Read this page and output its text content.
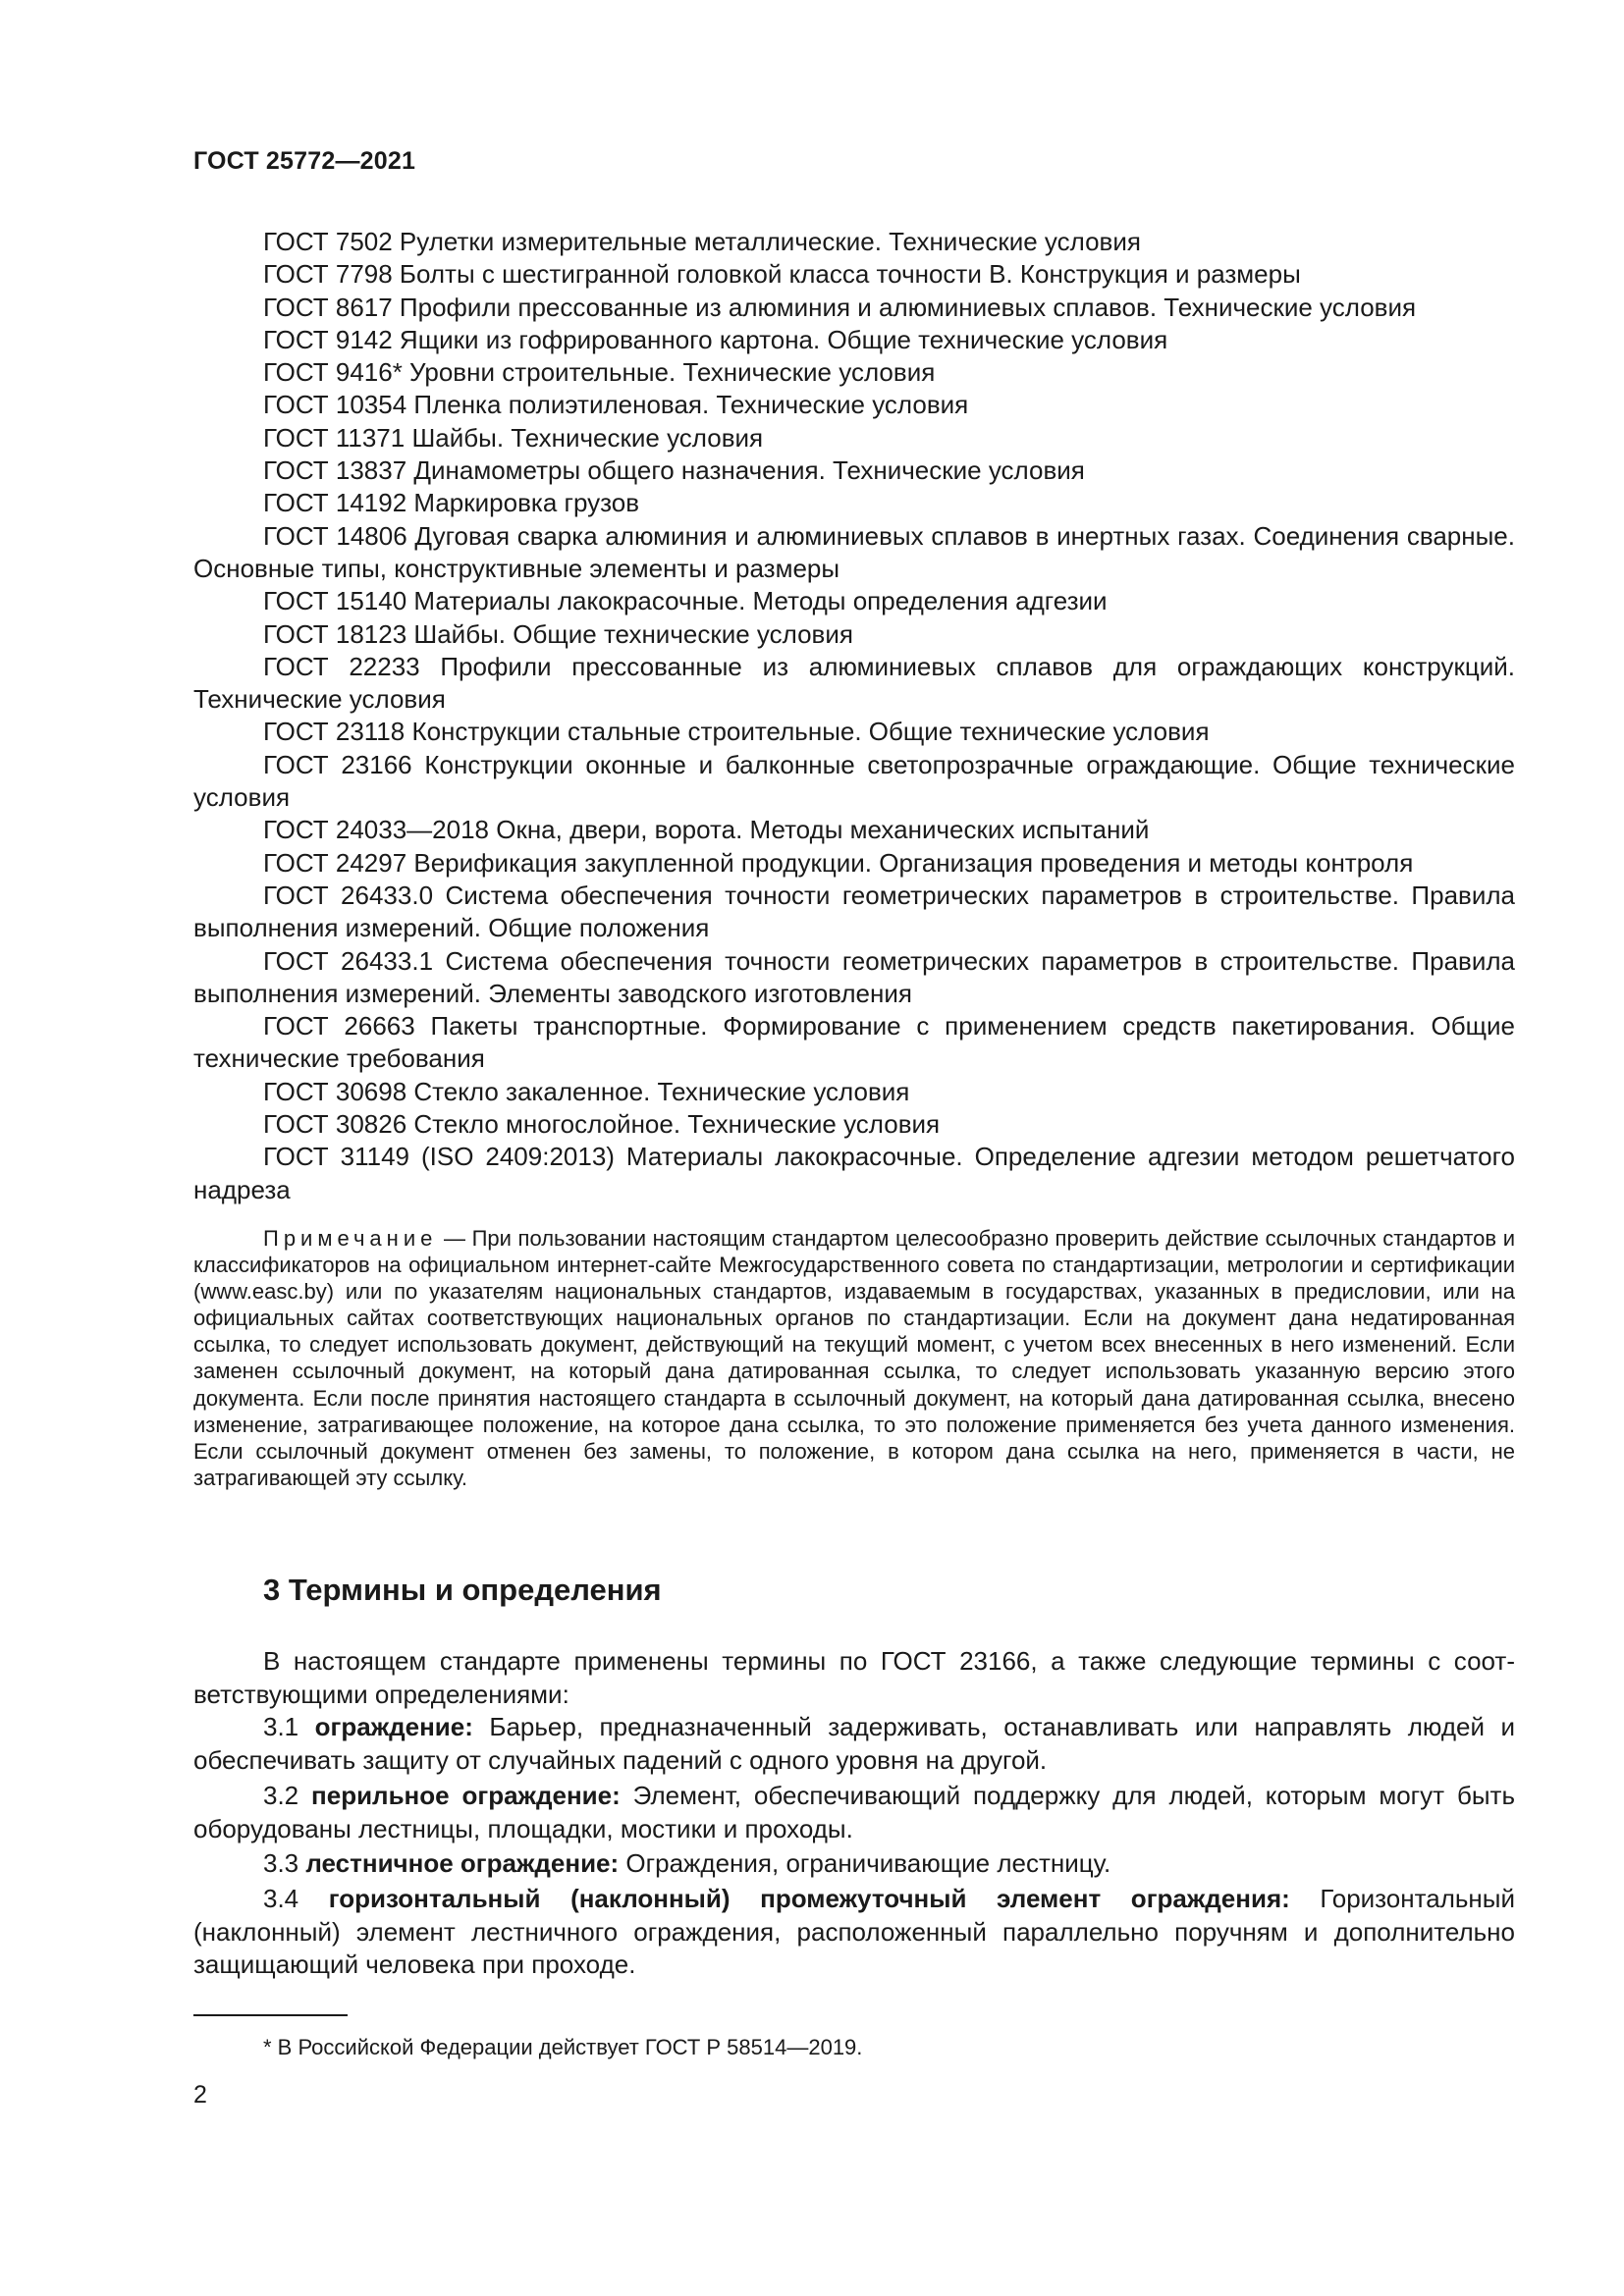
ГОСТ 25772—2021

ГОСТ 7502 Рулетки измерительные металлические. Технические условия

ГОСТ 7798 Болты с шестигранной головкой класса точности В. Конструкция и размеры

ГОСТ 8617 Профили прессованные из алюминия и алюминиевых сплавов. Технические условия

ГОСТ 9142 Ящики из гофрированного картона. Общие технические условия

ГОСТ 9416* Уровни строительные. Технические условия

ГОСТ 10354 Пленка полиэтиленовая. Технические условия

ГОСТ 11371 Шайбы. Технические условия

ГОСТ 13837 Динамометры общего назначения. Технические условия

ГОСТ 14192 Маркировка грузов

ГОСТ 14806 Дуговая сварка алюминия и алюминиевых сплавов в инертных газах. Соединения сварные. Основные типы, конструктивные элементы и размеры

ГОСТ 15140 Материалы лакокрасочные. Методы определения адгезии

ГОСТ 18123 Шайбы. Общие технические условия

ГОСТ 22233 Профили прессованные из алюминиевых сплавов для ограждающих конструкций. Технические условия

ГОСТ 23118 Конструкции стальные строительные. Общие технические условия

ГОСТ 23166 Конструкции оконные и балконные светопрозрачные ограждающие. Общие технические условия

ГОСТ 24033—2018 Окна, двери, ворота. Методы механических испытаний

ГОСТ 24297 Верификация закупленной продукции. Организация проведения и методы контроля

ГОСТ 26433.0 Система обеспечения точности геометрических параметров в строительстве. Правила выполнения измерений. Общие положения

ГОСТ 26433.1 Система обеспечения точности геометрических параметров в строительстве. Правила выполнения измерений. Элементы заводского изготовления

ГОСТ 26663 Пакеты транспортные. Формирование с применением средств пакетирования. Общие технические требования

ГОСТ 30698 Стекло закаленное. Технические условия

ГОСТ 30826 Стекло многослойное. Технические условия

ГОСТ 31149 (ISO 2409:2013) Материалы лакокрасочные. Определение адгезии методом решетчатого надреза

Примечание — При пользовании настоящим стандартом целесообразно проверить действие ссылочных стандартов и классификаторов на официальном интернет-сайте Межгосударственного совета по стандартизации, метрологии и сертификации (www.easc.by) или по указателям национальных стандартов, издаваемым в государствах, указанных в предисловии, или на официальных сайтах соответствующих национальных органов по стандартизации. Если на документ дана недатированная ссылка, то следует использовать документ, действующий на текущий момент, с учетом всех внесенных в него изменений. Если заменен ссылочный документ, на который дана датированная ссылка, то следует использовать указанную версию этого документа. Если после принятия настоящего стандарта в ссылочный документ, на который дана датированная ссылка, внесено изменение, затрагивающее положение, на которое дана ссылка, то это положение применяется без учета данного изменения. Если ссылочный документ отменен без замены, то положение, в котором дана ссылка на него, применяется в части, не затрагивающей эту ссылку.

3 Термины и определения

В настоящем стандарте применены термины по ГОСТ 23166, а также следующие термины с соответствующими определениями:

3.1 ограждение: Барьер, предназначенный задерживать, останавливать или направлять людей и обеспечивать защиту от случайных падений с одного уровня на другой.

3.2 перильное ограждение: Элемент, обеспечивающий поддержку для людей, которым могут быть оборудованы лестницы, площадки, мостики и проходы.

3.3 лестничное ограждение: Ограждения, ограничивающие лестницу.

3.4 горизонтальный (наклонный) промежуточный элемент ограждения: Горизонтальный (наклонный) элемент лестничного ограждения, расположенный параллельно поручням и дополнительно защищающий человека при проходе.

* В Российской Федерации действует ГОСТ Р 58514—2019.
2
